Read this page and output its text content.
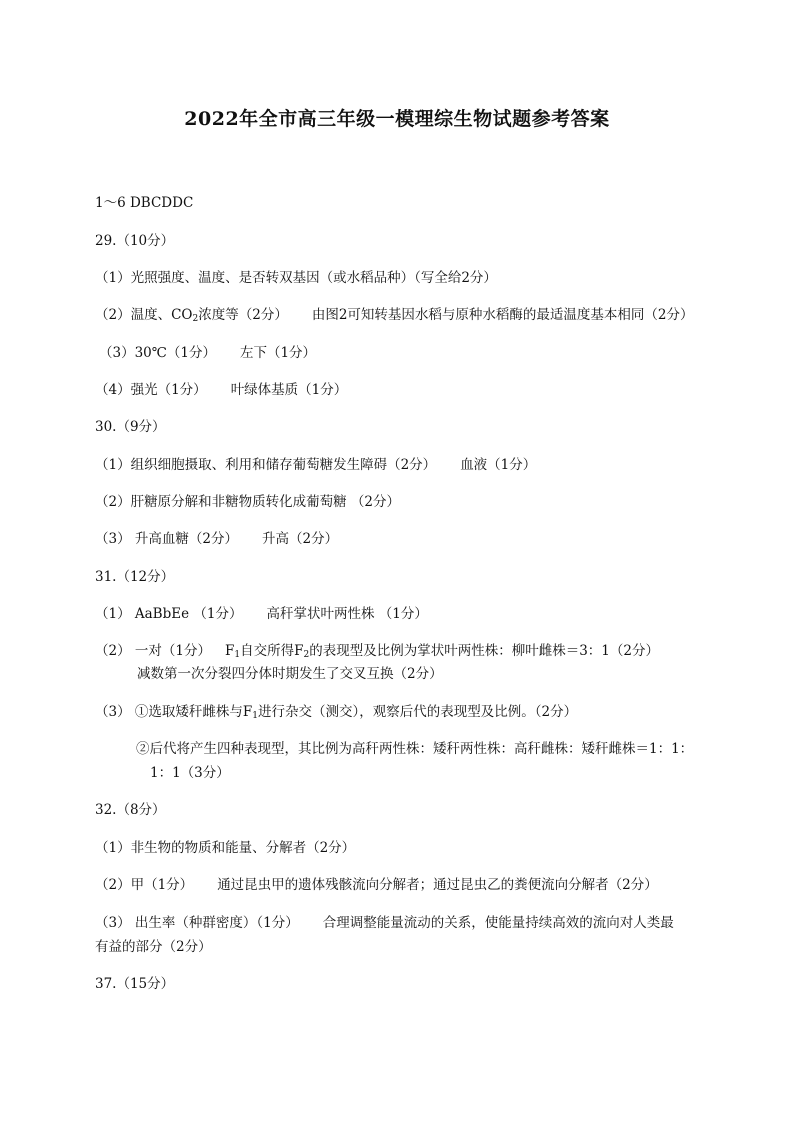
2022年全市高三年级一模理综生物试题参考答案
1～6 DBCDDC
29.（10分）
（1）光照强度、温度、是否转双基因（或水稻品种）（写全给2分）
（2）温度、$CO_2$浓度等（2分） 由图2可知转基因水稻与原种水稻酶的最适温度基本相同（2分）
（3）30℃（1分） 左下（1分）
（4）强光（1分） 叶绿体基质（1分）
30.（9分）
（1）组织细胞摄取、利用和储存葡萄糖发生障碍（2分） 血液（1分）
（2）肝糖原分解和非糖物质转化成葡萄糖 （2分）
（3） 升高血糖（2分） 升高（2分）
31.（12分）
（1） AaBbEe （1分） 高秆掌状叶两性株 （1分）
（2） 一对（1分） $F_1$自交所得$F_2$的表现型及比例为掌状叶两性株：柳叶雌株＝3：1（2分）
减数第一次分裂四分体时期发生了交叉互换（2分）
（3） ①选取矮秆雌株与$F_1$进行杂交（测交），观察后代的表现型及比例。（2分）
②后代将产生四种表现型，其比例为高秆两性株：矮秆两性株：高秆雌株：矮秆雌株＝1：1：
1：1（3分）
32.（8分）
（1）非生物的物质和能量、分解者（2分）
（2）甲（1分） 通过昆虫甲的遗体残骸流向分解者；通过昆虫乙的粪便流向分解者（2分）
（3） 出生率（种群密度）（1分） 合理调整能量流动的关系，使能量持续高效的流向对人类最
有益的部分（2分）
37.（15分）
